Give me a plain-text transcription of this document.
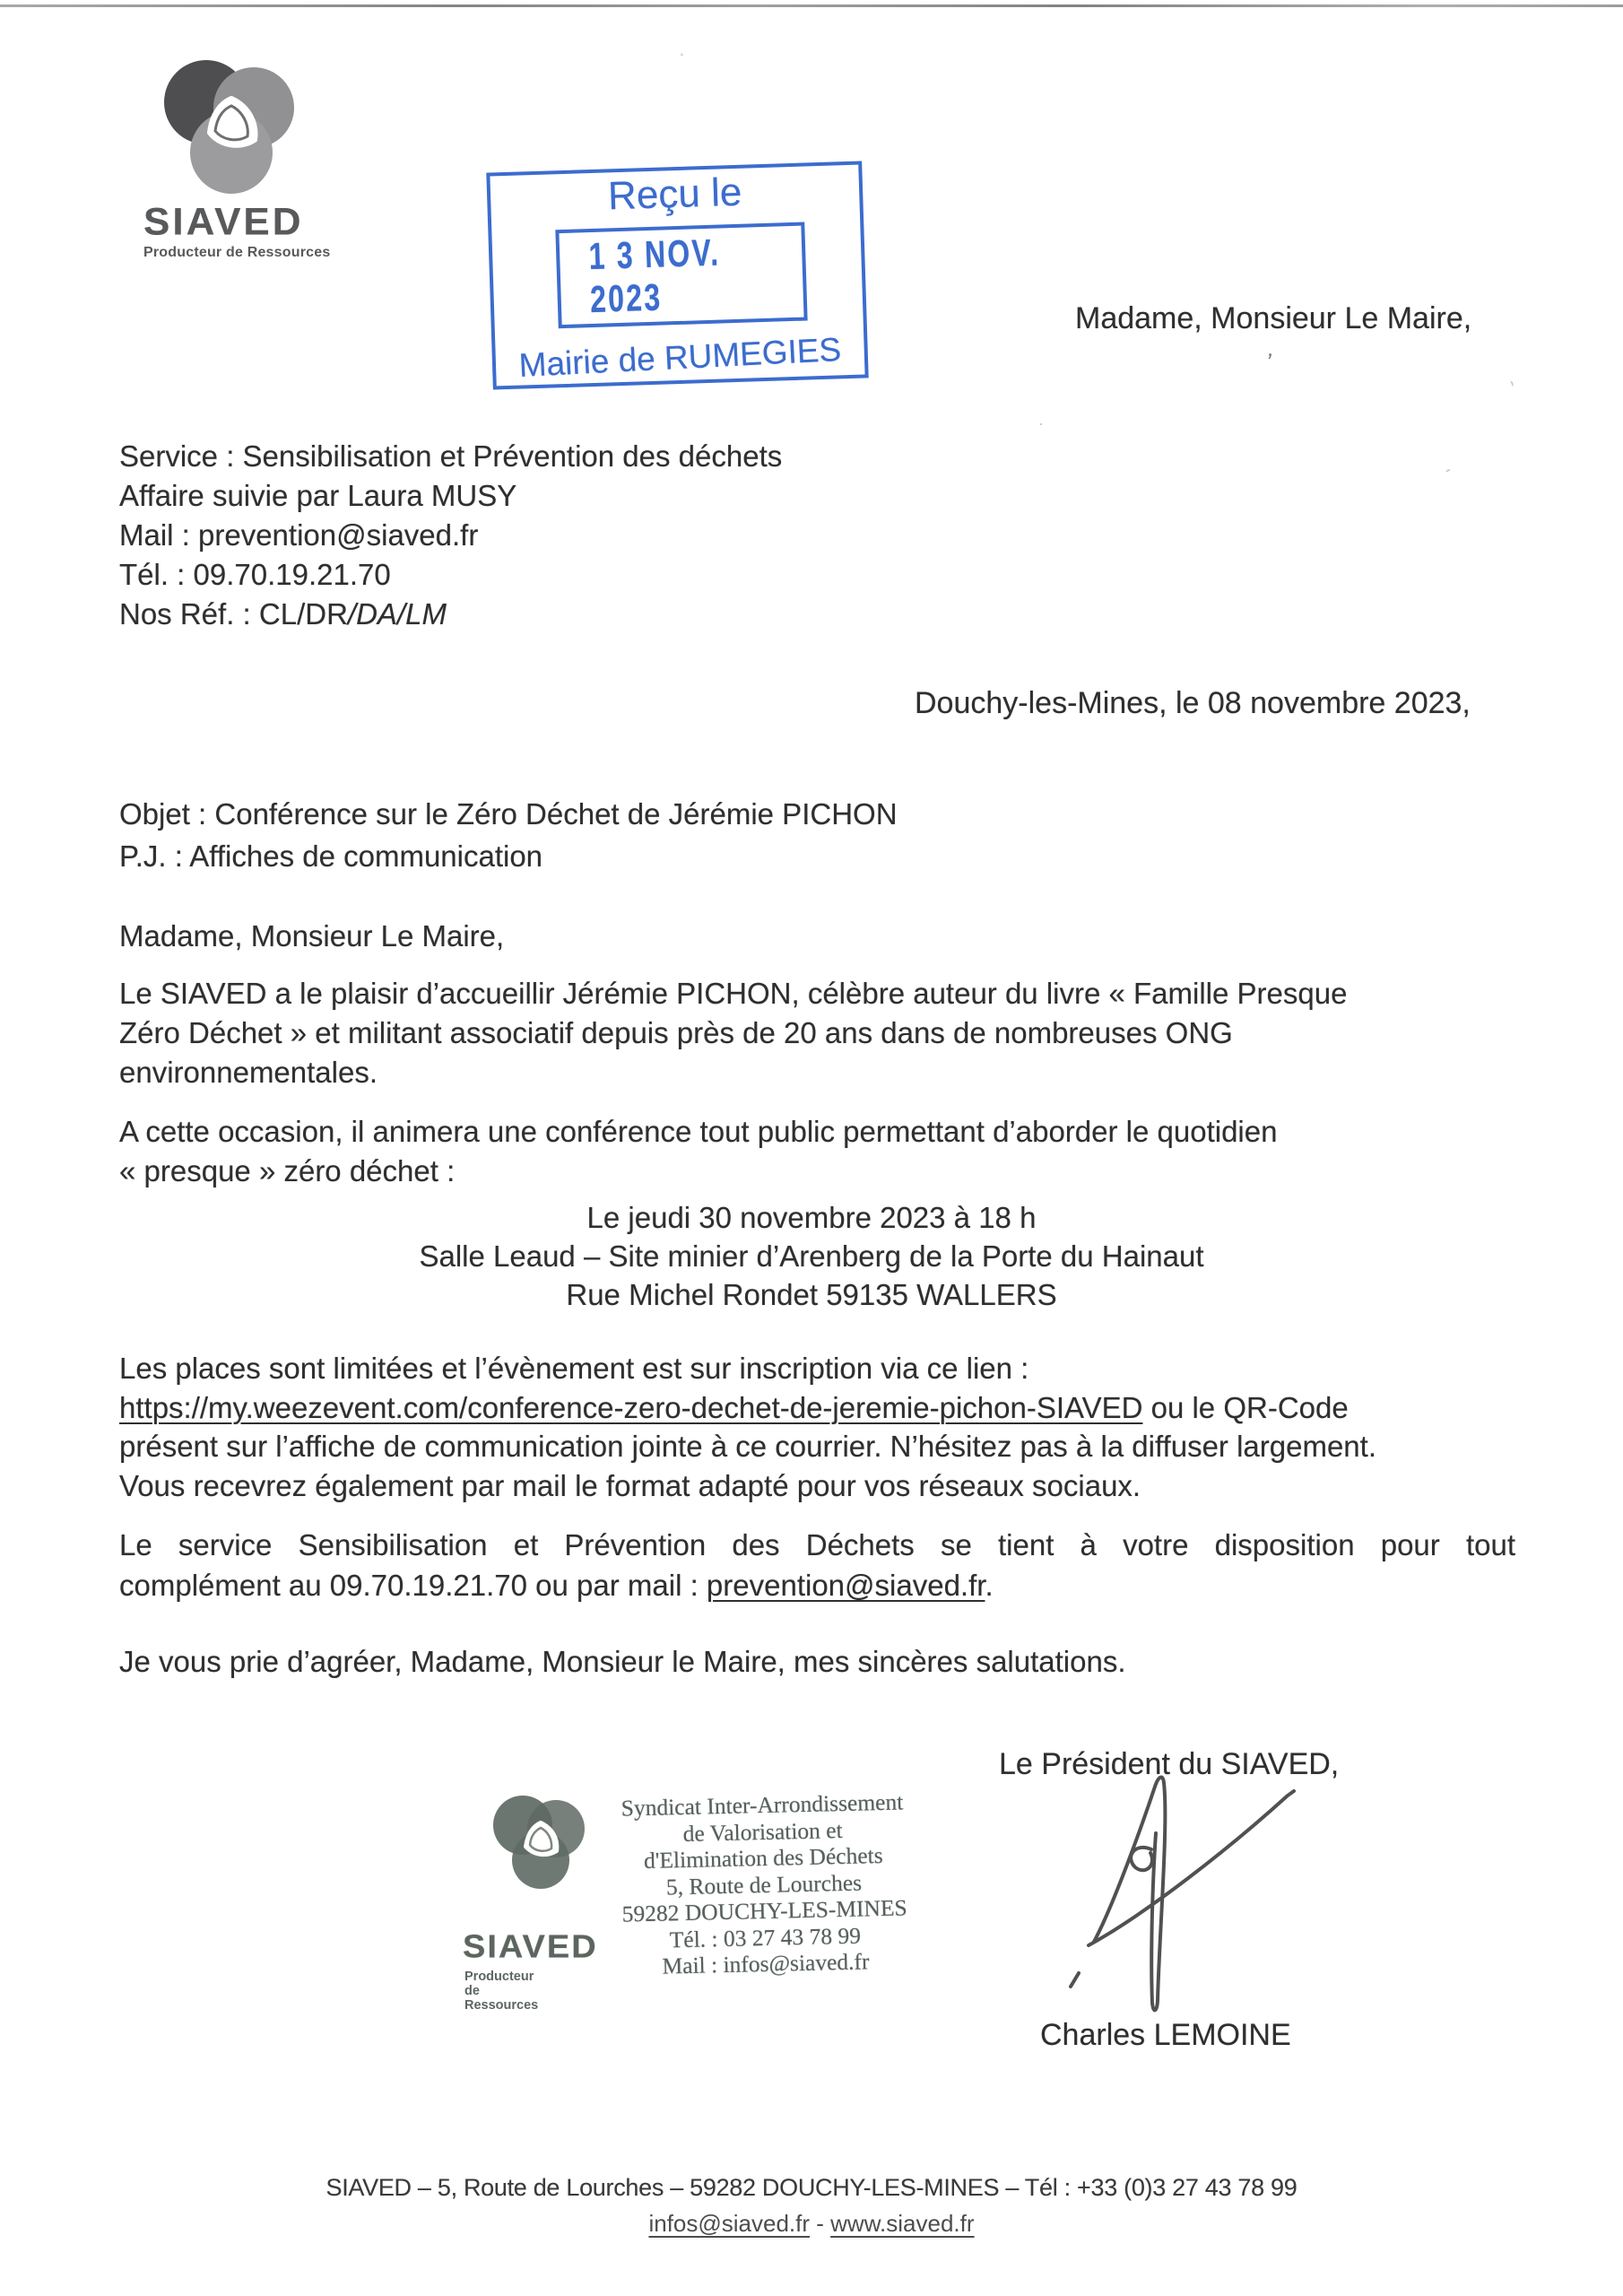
SIAVED
Producteur de Ressources
Reçu le
1 3 NOV. 2023
Mairie de RUMEGIES
Madame, Monsieur Le Maire,
Service : Sensibilisation et Prévention des déchets
Affaire suivie par Laura MUSY
Mail : prevention@siaved.fr
Tél. : 09.70.19.21.70
Nos Réf. : CL/DR/DA/LM
Douchy-les-Mines, le 08 novembre 2023,
Objet : Conférence sur le Zéro Déchet de Jérémie PICHON
P.J. : Affiches de communication
Madame, Monsieur Le Maire,
Le SIAVED a le plaisir d’accueillir Jérémie PICHON, célèbre auteur du livre « Famille Presque
Zéro Déchet » et militant associatif depuis près de 20 ans dans de nombreuses ONG
environnementales.
A cette occasion, il animera une conférence tout public permettant d’aborder le quotidien
« presque » zéro déchet :
Le jeudi 30 novembre 2023 à 18 h
Salle Leaud – Site minier d’Arenberg de la Porte du Hainaut
Rue Michel Rondet 59135 WALLERS
Les places sont limitées et l’évènement est sur inscription via ce lien :
https://my.weezevent.com/conference-zero-dechet-de-jeremie-pichon-SIAVED ou le QR-Code
présent sur l’affiche de communication jointe à ce courrier. N’hésitez pas à la diffuser largement.
Vous recevrez également par mail le format adapté pour vos réseaux sociaux.
Le service Sensibilisation et Prévention des Déchets se tient à votre disposition pour tout
complément au 09.70.19.21.70 ou par mail : prevention@siaved.fr.
Je vous prie d’agréer, Madame, Monsieur le Maire, mes sincères salutations.
Le Président du SIAVED,
Charles LEMOINE
SIAVED
Producteur de Ressources
Syndicat Inter-Arrondissement
de Valorisation et
d'Elimination des Déchets
5, Route de Lourches
59282 DOUCHY-LES-MINES
Tél. : 03 27 43 78 99
Mail : infos@siaved.fr
SIAVED – 5, Route de Lourches – 59282 DOUCHY-LES-MINES – Tél : +33 (0)3 27 43 78 99
infos@siaved.fr - www.siaved.fr
’
`
·
ˏ
¸
